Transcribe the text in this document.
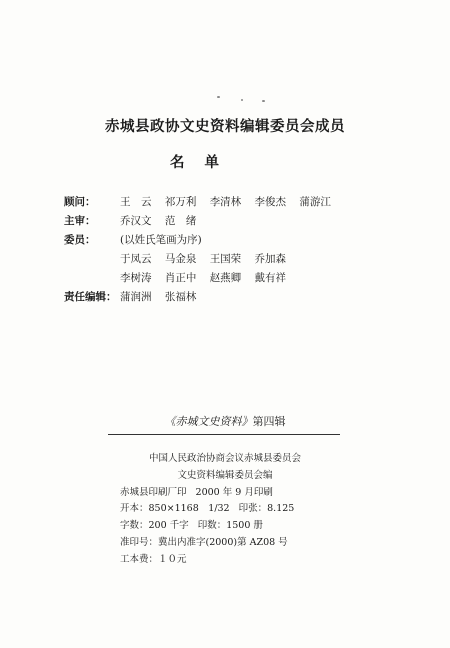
赤城县政协文史资料编辑委员会成员
名单
顾问：	王　云 祁万利 李清林 李俊杰 蒲游江
主审：	乔汉文 范　绪
委员：	(以姓氏笔画为序)
于凤云 马金泉 王国荣 乔加森
李树涛 肖正中 赵燕卿 戴有祥
责任编辑： 蒲润洲 张福林
《赤城文史资料》第四辑
中国人民政治协商会议赤城县委员会
文史资料编辑委员会编
赤城县印刷厂印 2000 年 9 月印刷
开本：850×1168　1/32 印张：8.125
字数：200 千字 印数：1500 册
准印号：冀出内准字(2000)第 AZ08 号
工本费：１０元
